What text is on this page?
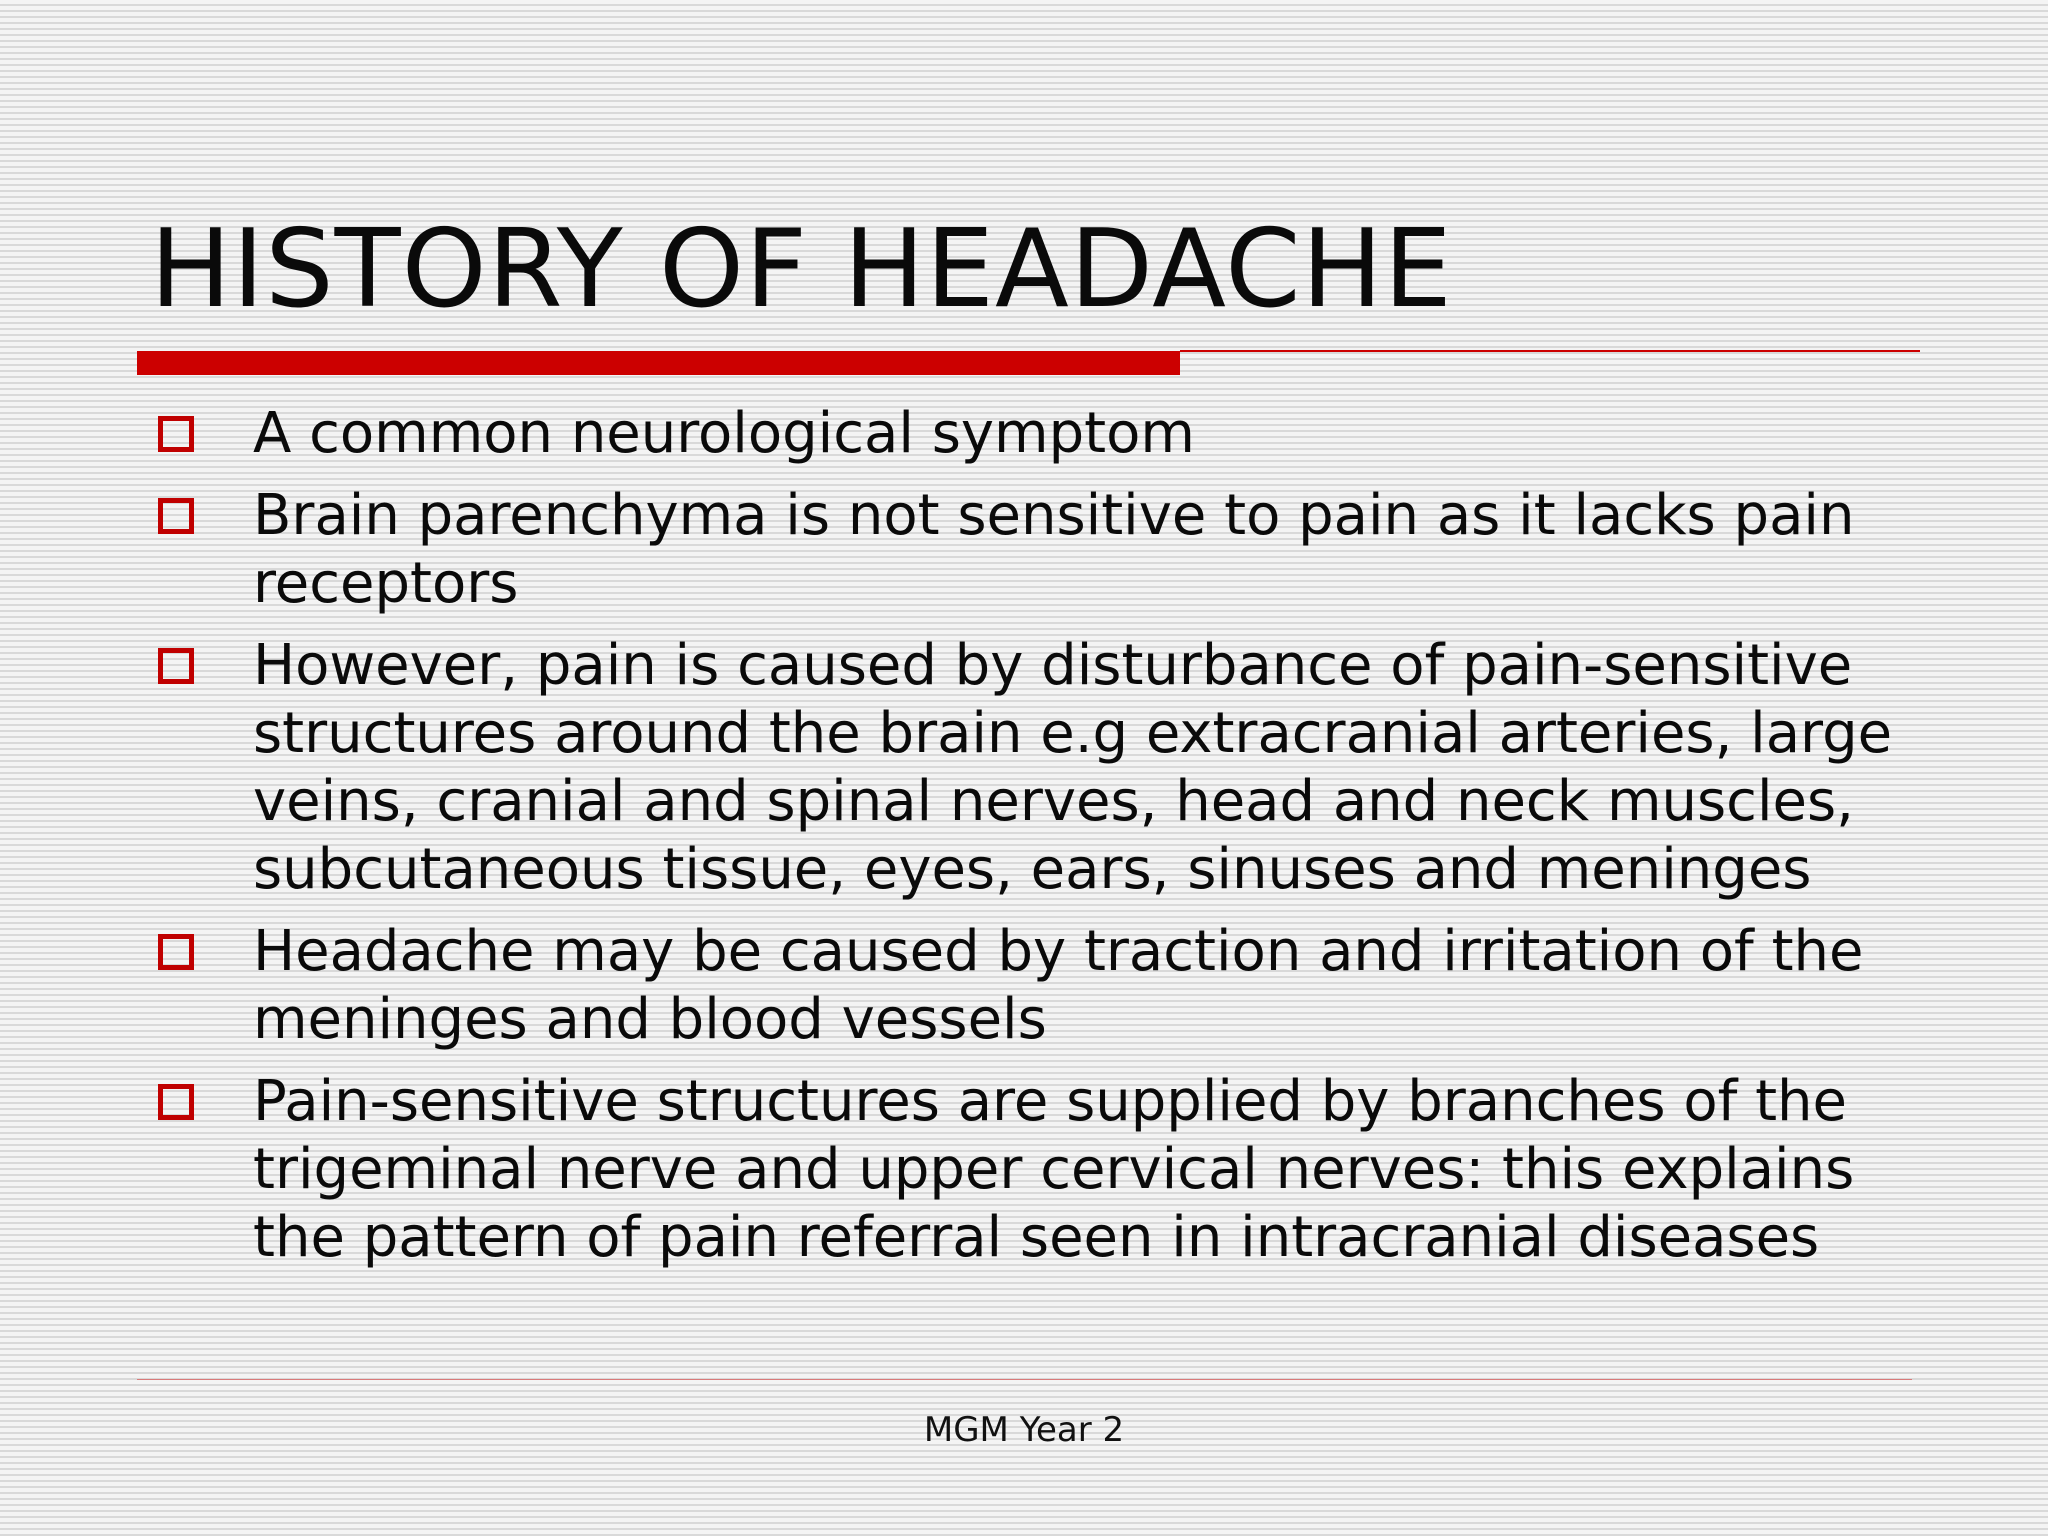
HISTORY OF HEADACHE
A common neurological symptom
Brain parenchyma is not sensitive to pain as it lacks pain receptors
However, pain is caused by disturbance of pain-sensitive structures around the brain e.g extracranial arteries, large veins, cranial and spinal nerves, head and neck muscles, subcutaneous tissue, eyes, ears, sinuses and meninges
Headache may be caused by traction and irritation of the meninges and blood vessels
Pain-sensitive structures are supplied by branches of the trigeminal nerve and upper cervical nerves: this explains the pattern of pain referral seen in intracranial diseases
MGM Year 2
